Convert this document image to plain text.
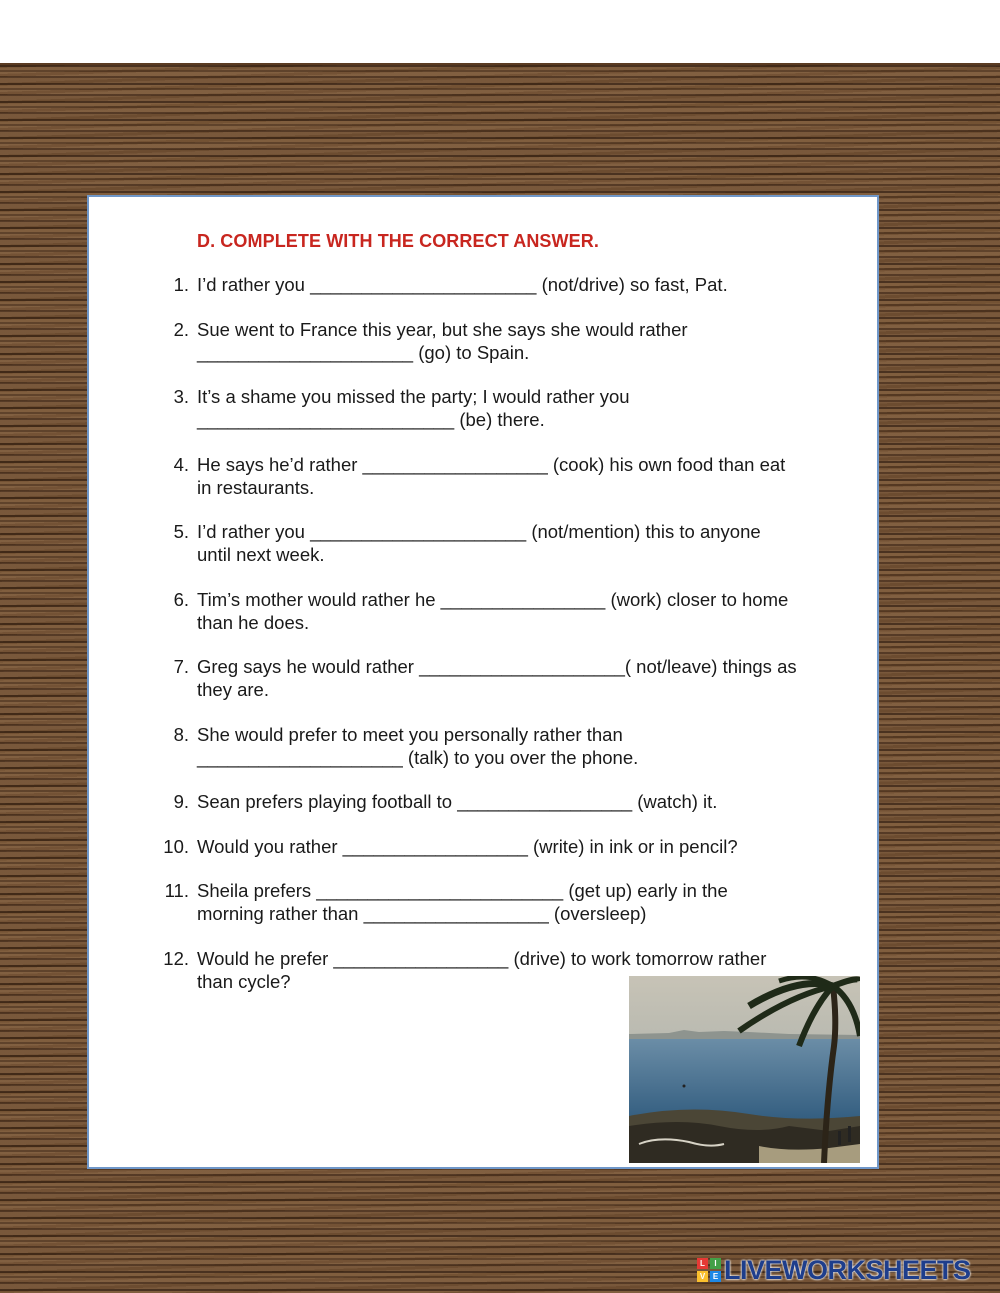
D. COMPLETE WITH THE CORRECT ANSWER.
1. I’d rather you ______________________ (not/drive) so fast, Pat.
2. Sue went to France this year, but she says she would rather
_____________________ (go) to Spain.
3. It’s a shame you missed the party; I would rather you
_________________________ (be) there.
4. He says he’d rather __________________ (cook) his own food than eat
in restaurants.
5. I’d rather you _____________________ (not/mention) this to anyone
until next week.
6. Tim’s mother would rather he ________________ (work) closer to home
than he does.
7. Greg says he would rather ____________________( not/leave) things as
they are.
8. She would prefer to meet you personally rather than
____________________ (talk) to you over the phone.
9. Sean prefers playing football to _________________ (watch) it.
10. Would you rather __________________ (write) in ink or in pencil?
11. Sheila prefers ________________________ (get up) early in the
morning rather than __________________ (oversleep)
12. Would he prefer _________________ (drive) to work tomorrow rather
than cycle?
L	I
V E LIVEWORKSHEETS
